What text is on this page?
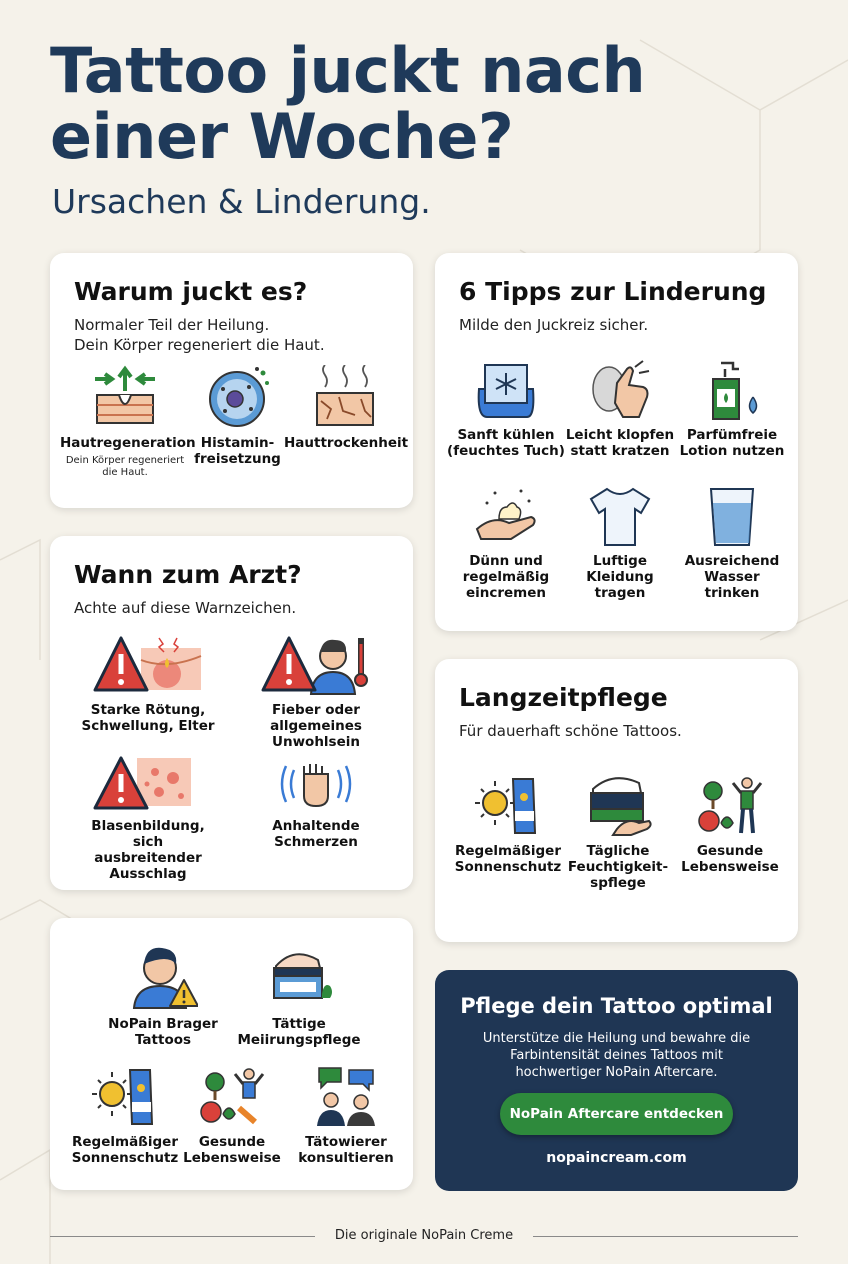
Tattoo juckt nach
einer Woche?
Ursachen & Linderung.
Warum juckt es?
Normaler Teil der Heilung.
Dein Körper regeneriert die Haut.
Hautregeneration
Dein Körper regeneriert die Haut.
Histamin-freisetzung
Hauttrockenheit
6 Tipps zur Linderung
Milde den Juckreiz sicher.
Sanft kühlen (feuchtes Tuch)
Leicht klopfen statt kratzen
Parfümfreie Lotion nutzen
Dünn und regelmäßig eincremen
Luftige Kleidung tragen
Ausreichend Wasser trinken
Wann zum Arzt?
Achte auf diese Warnzeichen.
Starke Rötung, Schwellung, Elter
Fieber oder allgemeines Unwohlsein
Blasenbildung, sich ausbreitender Ausschlag
Anhaltende Schmerzen
Langzeitpflege
Für dauerhaft schöne Tattoos.
Regelmäßiger Sonnenschutz
Tägliche Feuchtigkeit-spflege
Gesunde Lebensweise
NoPain Brager Tattoos
Tättige Meiirungspflege
Regelmäßiger Sonnenschutz
Gesunde Lebensweise
Tätowierer konsultieren
Pflege dein Tattoo optimal
Unterstütze die Heilung und bewahre die Farbintensität deines Tattoos mit hochwertiger NoPain Aftercare.
NoPain Aftercare entdecken
nopaincream.com
Die originale NoPain Creme
